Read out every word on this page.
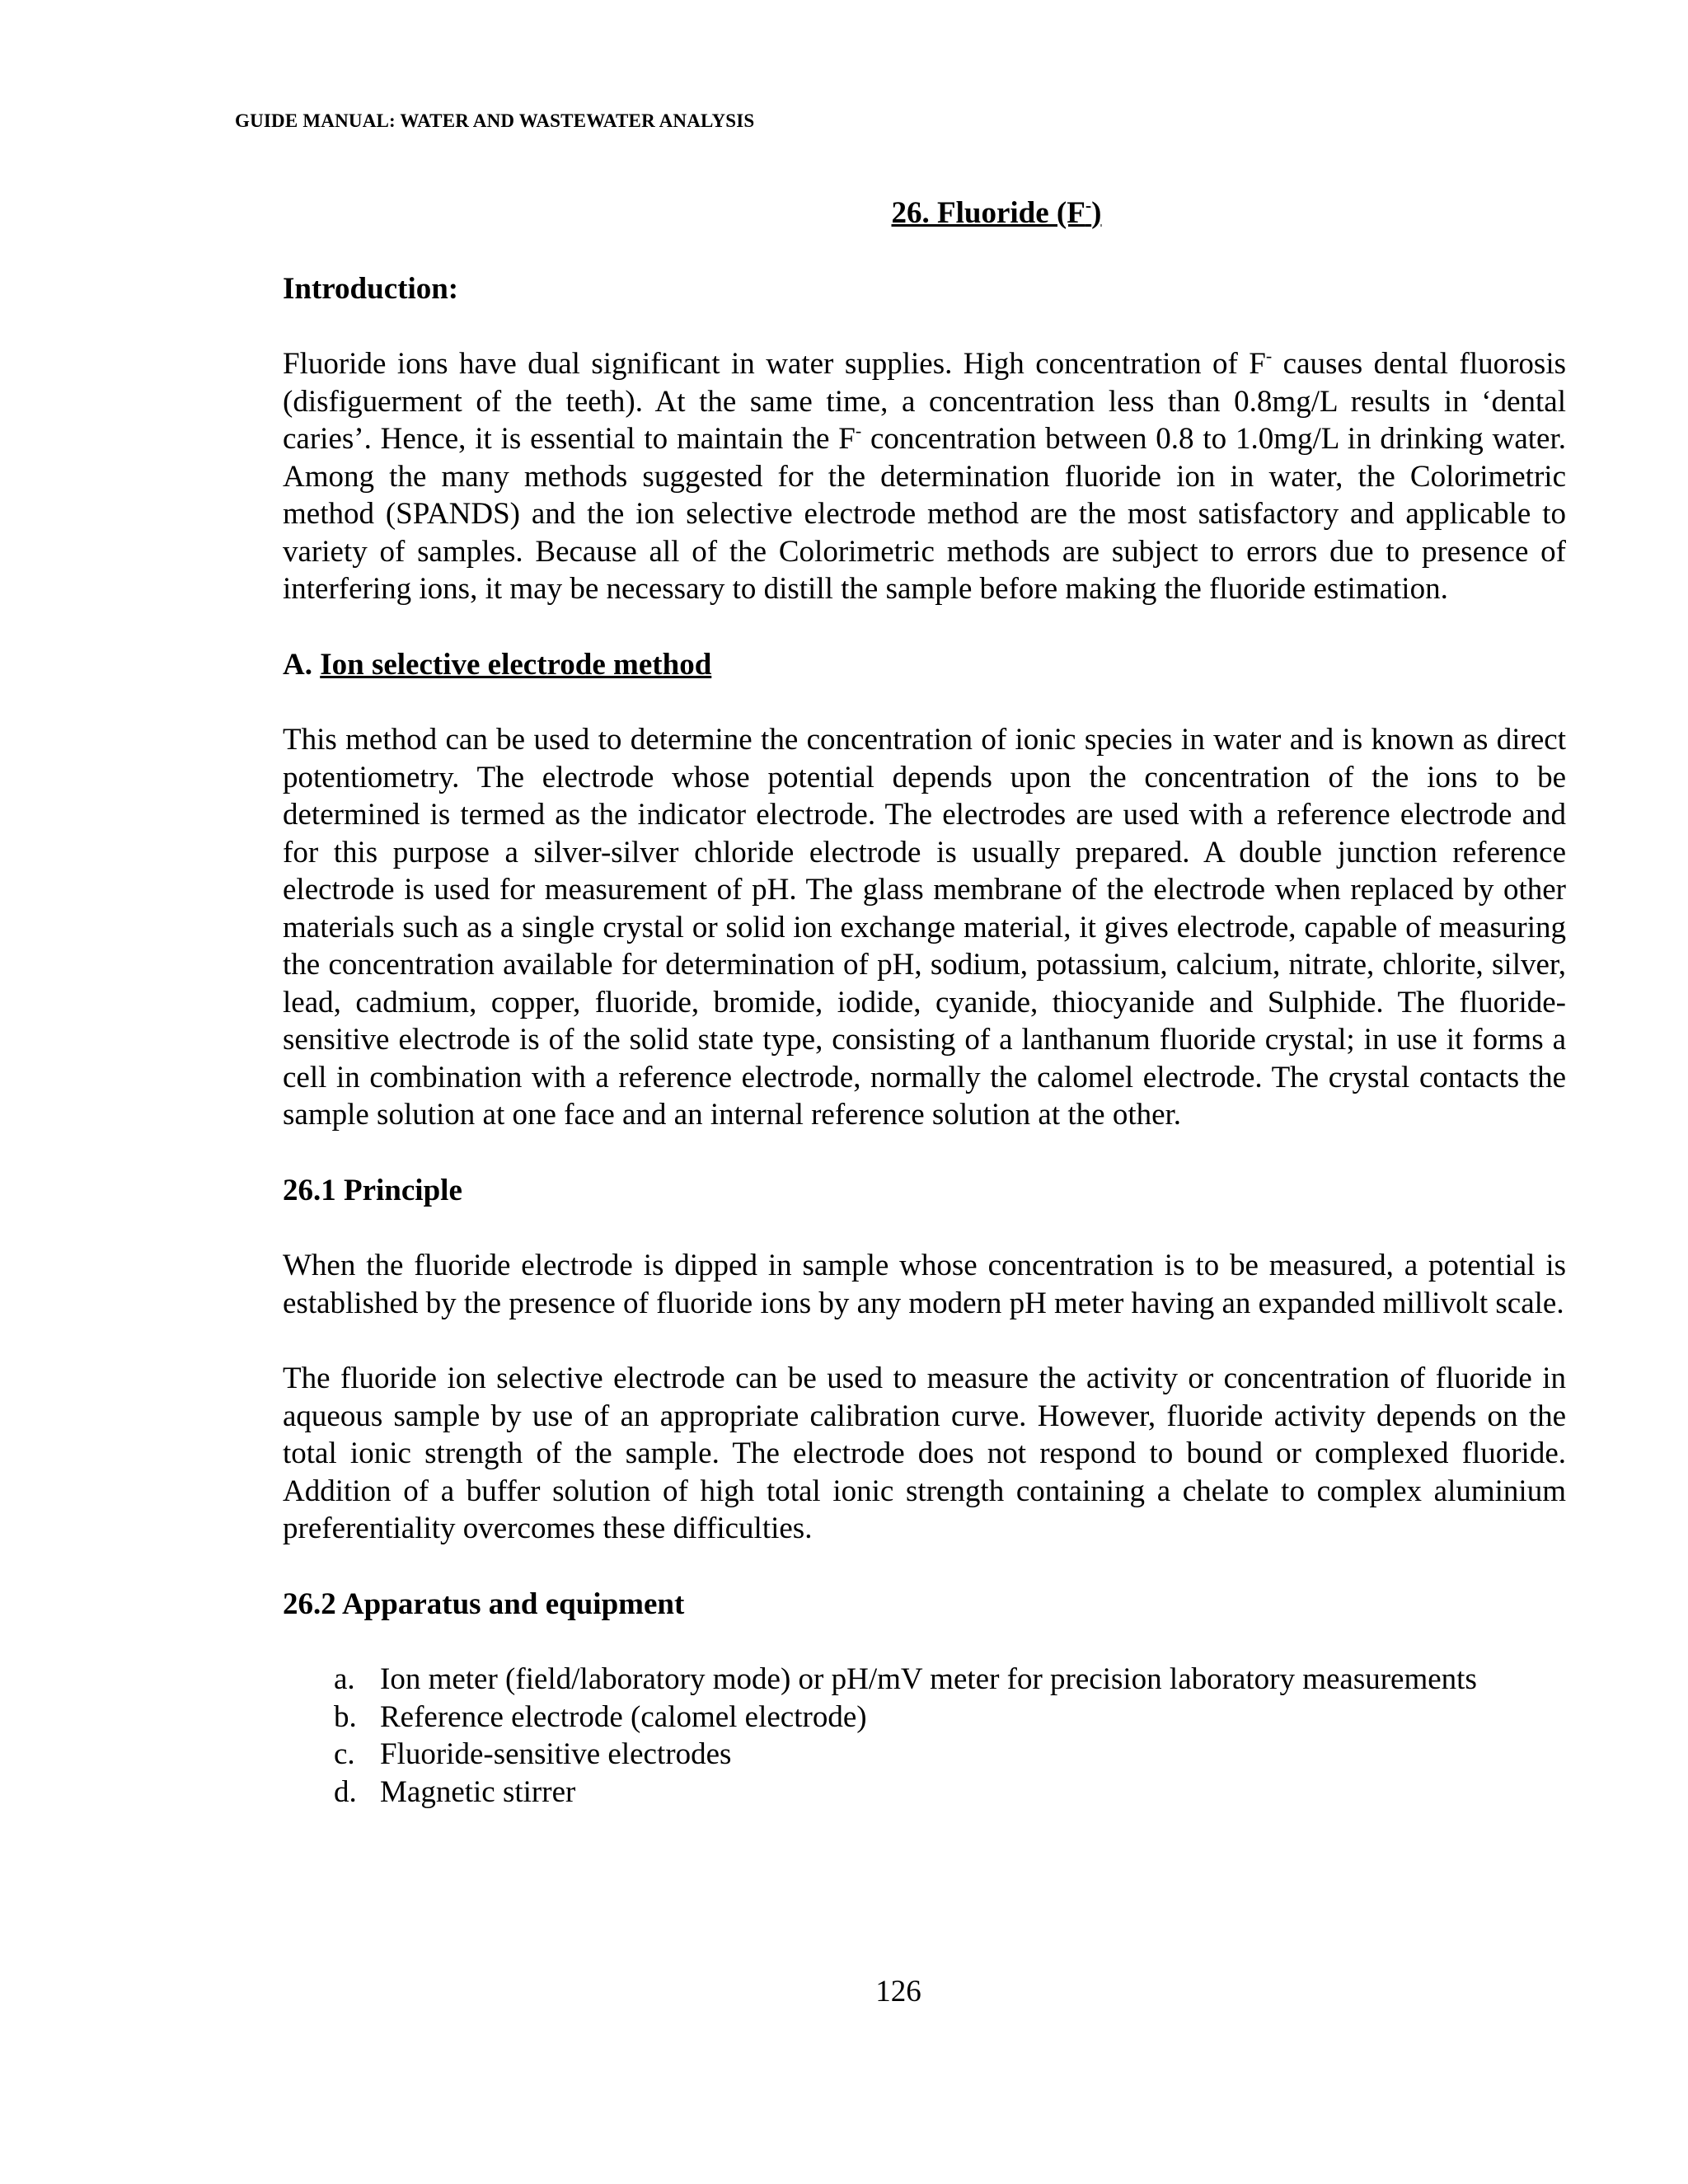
GUIDE MANUAL: WATER AND WASTEWATER ANALYSIS

26. Fluoride (F-)

Introduction:

Fluoride ions have dual significant in water supplies. High concentration of F- causes dental fluorosis (disfiguerment of the teeth). At the same time, a concentration less than 0.8mg/L results in ‘dental caries’. Hence, it is essential to maintain the F- concentration between 0.8 to 1.0mg/L in drinking water. Among the many methods suggested for the determination fluoride ion in water, the Colorimetric method (SPANDS) and the ion selective electrode method are the most satisfactory and applicable to variety of samples. Because all of the Colorimetric methods are subject to errors due to presence of interfering ions, it may be necessary to distill the sample before making the fluoride estimation.

A. Ion selective electrode method

This method can be used to determine the concentration of ionic species in water and is known as direct potentiometry. The electrode whose potential depends upon the concentration of the ions to be determined is termed as the indicator electrode. The electrodes are used with a reference electrode and for this purpose a silver-silver chloride electrode is usually prepared. A double junction reference electrode is used for measurement of pH. The glass membrane of the electrode when replaced by other materials such as a single crystal or solid ion exchange material, it gives electrode, capable of measuring the concentration available for determination of pH, sodium, potassium, calcium, nitrate, chlorite, silver, lead, cadmium, copper, fluoride, bromide, iodide, cyanide, thiocyanide and Sulphide. The fluoride-sensitive electrode is of the solid state type, consisting of a lanthanum fluoride crystal; in use it forms a cell in combination with a reference electrode, normally the calomel electrode. The crystal contacts the sample solution at one face and an internal reference solution at the other.

26.1 Principle

When the fluoride electrode is dipped in sample whose concentration is to be measured, a potential is established by the presence of fluoride ions by any modern pH meter having an expanded millivolt scale.

The fluoride ion selective electrode can be used to measure the activity or concentration of fluoride in aqueous sample by use of an appropriate calibration curve. However, fluoride activity depends on the total ionic strength of the sample. The electrode does not respond to bound or complexed fluoride. Addition of a buffer solution of high total ionic strength containing a chelate to complex aluminium preferentiality overcomes these difficulties.

26.2 Apparatus and equipment

a. Ion meter (field/laboratory mode) or pH/mV meter for precision laboratory measurements
b. Reference electrode (calomel electrode)
c. Fluoride-sensitive electrodes
d. Magnetic stirrer
126
